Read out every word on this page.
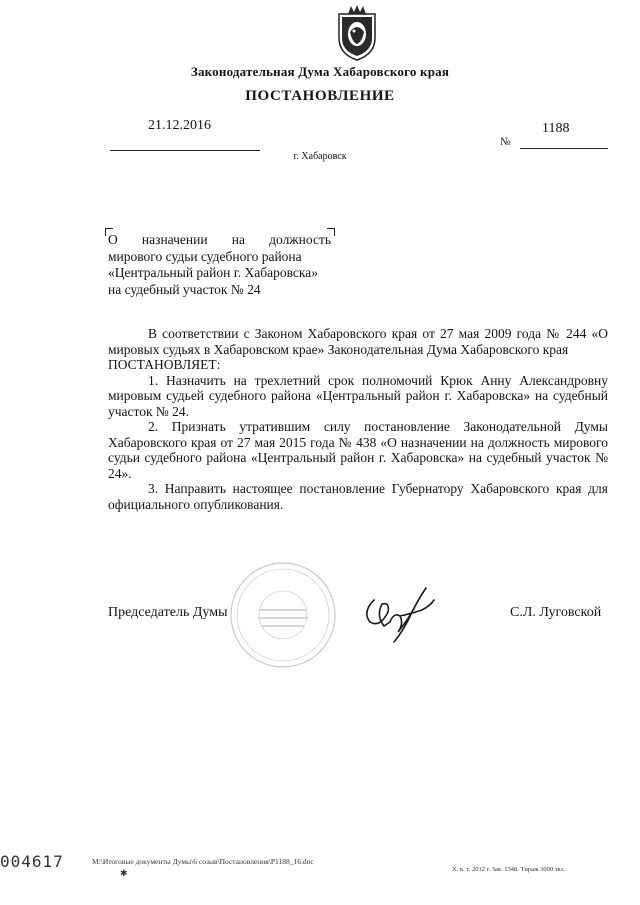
Законодательная Дума Хабаровского края
ПОСТАНОВЛЕНИЕ
21.12.2016
№
1188
г. Хабаровск
О назначении на должность
мирового судьи судебного района
«Центральный район г. Хабаровска»
на судебный участок № 24

В соответствии с Законом Хабаровского края от 27 мая 2009 года № 244 «О мировых судьях в Хабаровском крае» Законодательная Дума Хабаровского края

ПОСТАНОВЛЯЕТ:

1. Назначить на трехлетний срок полномочий Крюк Анну Александровну мировым судьей судебного района «Центральный район г. Хабаровска» на судебный участок № 24.

2. Признать утратившим силу постановление Законодательной Думы Хабаровского края от 27 мая 2015 года № 438 «О назначении на должность мирового судьи судебного района «Центральный район г. Хабаровска» на судебный участок № 24».

3. Направить настоящее постановление Губернатору Хабаровского края для официального опубликования.

Председатель Думы	С.Л. Луговской
004617
✱
M:\Итоговые документы Думы\6 созыв\Постановления\P1188_16.doc
Х. к. т. 2012 г. Зак. 1348. Тираж 3000 экз.
